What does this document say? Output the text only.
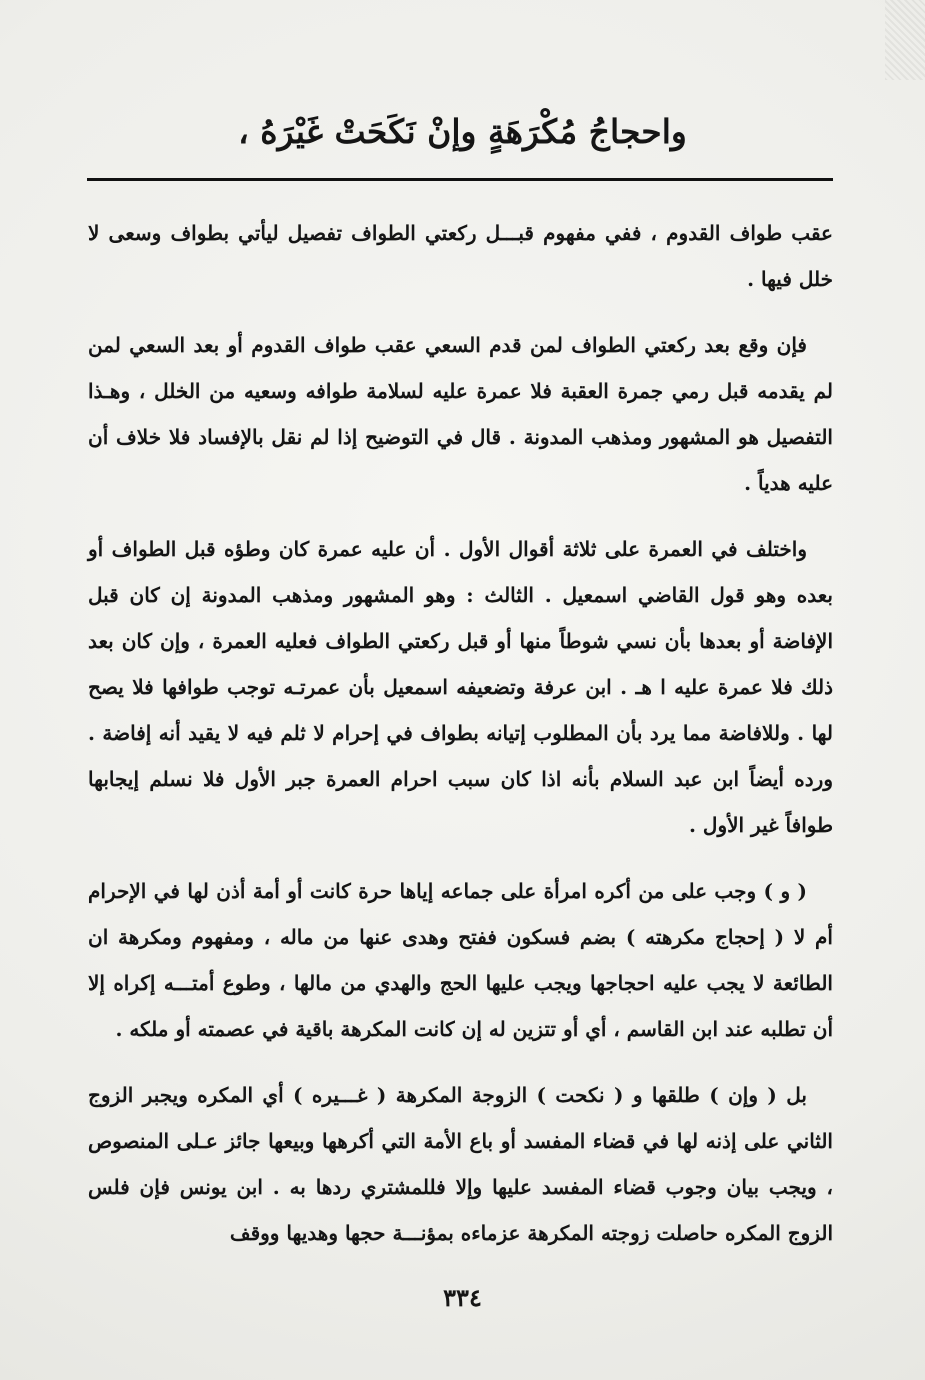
واحجاجُ مُكْرَهَةٍ وإنْ نَكَحَتْ غَيْرَهُ ،

عقب طواف القدوم ، ففي مفهوم قبـــل ركعتي الطواف تفصيل ليأتي بطواف وسعى لا خلل فيها .

فإن وقع بعد ركعتي الطواف لمن قدم السعي عقب طواف القدوم أو بعد السعي لمن لم يقدمه قبل رمي جمرة العقبة فلا عمرة عليه لسلامة طوافه وسعيه من الخلل ، وهـذا التفصيل هو المشهور ومذهب المدونة . قال في التوضيح إذا لم نقل بالإفساد فلا خلاف أن عليه هدياً .

واختلف في العمرة على ثلاثة أقوال الأول . أن عليه عمرة كان وطؤه قبل الطواف أو بعده وهو قول القاضي اسمعيل . الثالث : وهو المشهور ومذهب المدونة إن كان قبل الإفاضة أو بعدها بأن نسي شوطاً منها أو قبل ركعتي الطواف فعليه العمرة ، وإن كان بعد ذلك فلا عمرة عليه ا هـ . ابن عرفة وتضعيفه اسمعيل بأن عمرتـه توجب طوافها فلا يصح لها . وللافاضة مما يرد بأن المطلوب إتيانه بطواف في إحرام لا ثلم فيه لا يقيد أنه إفاضة . ورده أيضاً ابن عبد السلام بأنه اذا كان سبب احرام العمرة جبر الأول فلا نسلم إيجابها طوافاً غير الأول .

( و ) وجب على من أكره امرأة على جماعه إياها حرة كانت أو أمة أذن لها في الإحرام أم لا ( إحجاج مكرهته ) بضم فسكون ففتح وهدى عنها من ماله ، ومفهوم ومكرهة ان الطائعة لا يجب عليه احجاجها ويجب عليها الحج والهدي من مالها ، وطوع أمتـــه إكراه إلا أن تطلبه عند ابن القاسم ، أي أو تتزين له إن كانت المكرهة باقية في عصمته أو ملكه .

بل ( وإن ) طلقها و ( نكحت ) الزوجة المكرهة ( غـــيره ) أي المكره ويجبر الزوج الثاني على إذنه لها في قضاء المفسد أو باع الأمة التي أكرهها وبيعها جائز عـلى المنصوص ، ويجب بيان وجوب قضاء المفسد عليها وإلا فللمشتري ردها به . ابن يونس فإن فلس الزوج المكره حاصلت زوجته المكرهة عزماءه بمؤنـــة حجها وهديها ووقف

٣٣٤
